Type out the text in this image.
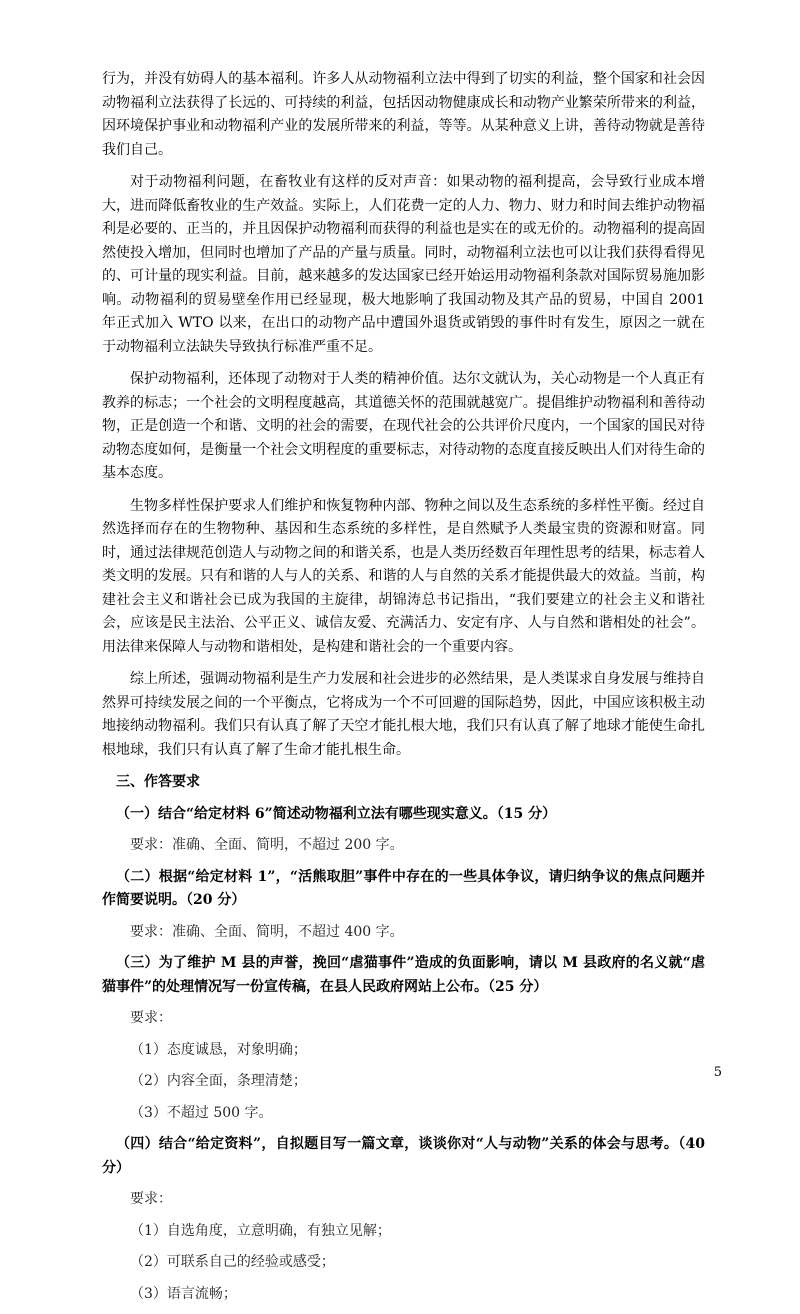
行为，并没有妨碍人的基本福利。许多人从动物福利立法中得到了切实的利益，整个国家和社会因动物福利立法获得了长远的、可持续的利益，包括因动物健康成长和动物产业繁荣所带来的利益，因环境保护事业和动物福利产业的发展所带来的利益，等等。从某种意义上讲，善待动物就是善待我们自己。

对于动物福利问题，在畜牧业有这样的反对声音：如果动物的福利提高，会导致行业成本增大，进而降低畜牧业的生产效益。实际上，人们花费一定的人力、物力、财力和时间去维护动物福利是必要的、正当的，并且因保护动物福利而获得的利益也是实在的或无价的。动物福利的提高固然使投入增加，但同时也增加了产品的产量与质量。同时，动物福利立法也可以让我们获得看得见的、可计量的现实利益。目前，越来越多的发达国家已经开始运用动物福利条款对国际贸易施加影响。动物福利的贸易壁垒作用已经显现，极大地影响了我国动物及其产品的贸易，中国自 2001 年正式加入 WTO 以来，在出口的动物产品中遭国外退货或销毁的事件时有发生，原因之一就在于动物福利立法缺失导致执行标准严重不足。

保护动物福利，还体现了动物对于人类的精神价值。达尔文就认为，关心动物是一个人真正有教养的标志；一个社会的文明程度越高，其道德关怀的范围就越宽广。提倡维护动物福利和善待动物，正是创造一个和谐、文明的社会的需要，在现代社会的公共评价尺度内，一个国家的国民对待动物态度如何，是衡量一个社会文明程度的重要标志，对待动物的态度直接反映出人们对待生命的基本态度。

生物多样性保护要求人们维护和恢复物种内部、物种之间以及生态系统的多样性平衡。经过自然选择而存在的生物物种、基因和生态系统的多样性，是自然赋予人类最宝贵的资源和财富。同时，通过法律规范创造人与动物之间的和谐关系，也是人类历经数百年理性思考的结果，标志着人类文明的发展。只有和谐的人与人的关系、和谐的人与自然的关系才能提供最大的效益。当前，构建社会主义和谐社会已成为我国的主旋律，胡锦涛总书记指出，“我们要建立的社会主义和谐社会，应该是民主法治、公平正义、诚信友爱、充满活力、安定有序、人与自然和谐相处的社会”。用法律来保障人与动物和谐相处，是构建和谐社会的一个重要内容。

综上所述，强调动物福利是生产力发展和社会进步的必然结果，是人类谋求自身发展与维持自然界可持续发展之间的一个平衡点，它将成为一个不可回避的国际趋势，因此，中国应该积极主动地接纳动物福利。我们只有认真了解了天空才能扎根大地，我们只有认真了解了地球才能使生命扎根地球，我们只有认真了解了生命才能扎根生命。

三、作答要求

（一）结合“给定材料 6”简述动物福利立法有哪些现实意义。（15 分）

要求：准确、全面、简明，不超过 200 字。

（二）根据“给定材料 1”，“活熊取胆”事件中存在的一些具体争议，请归纳争议的焦点问题并作简要说明。（20 分）

要求：准确、全面、简明，不超过 400 字。

（三）为了维护 M 县的声誉，挽回“虐猫事件”造成的负面影响，请以 M 县政府的名义就“虐猫事件”的处理情况写一份宣传稿，在县人民政府网站上公布。（25 分）

要求：

（1）态度诚恳，对象明确；

（2）内容全面，条理清楚；

（3）不超过 500 字。

（四）结合“给定资料”，自拟题目写一篇文章，谈谈你对“人与动物”关系的体会与思考。（40 分）

要求：

（1）自选角度，立意明确，有独立见解；

（2）可联系自己的经验或感受；

（3）语言流畅；

5
